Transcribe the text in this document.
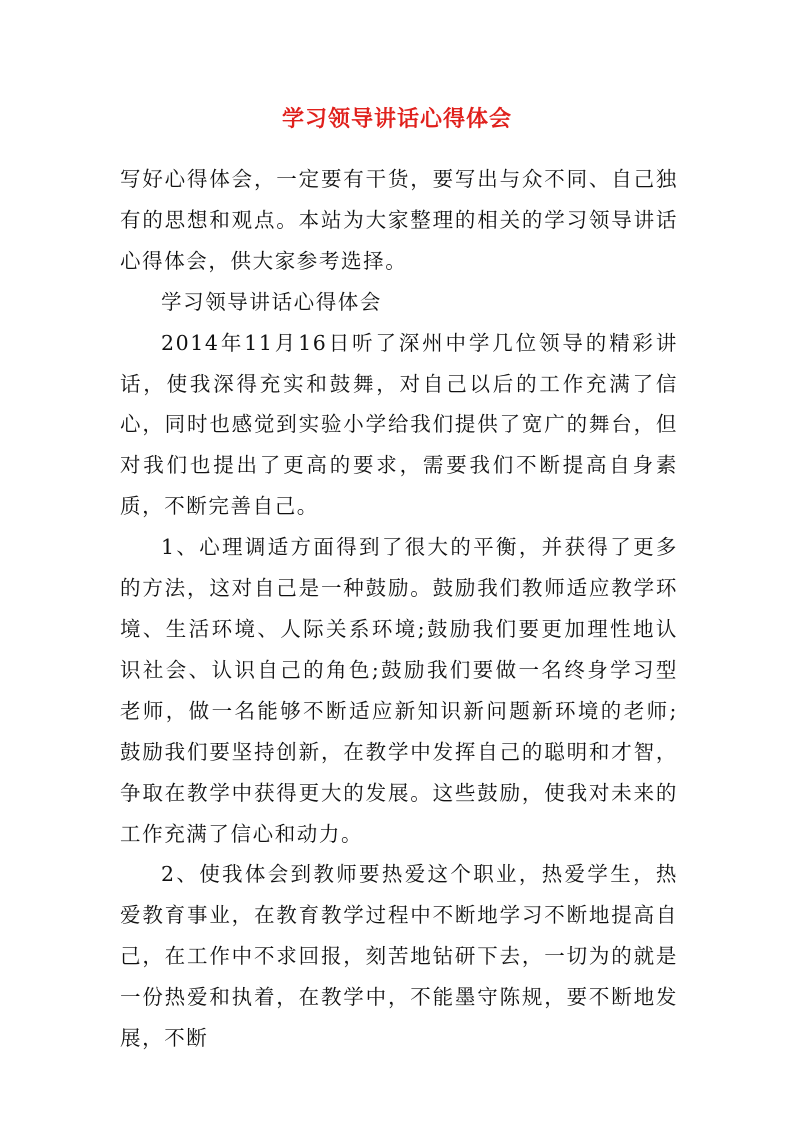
学习领导讲话心得体会

写好心得体会，一定要有干货，要写出与众不同、自己独有的思想和观点。本站为大家整理的相关的学习领导讲话心得体会，供大家参考选择。

学习领导讲话心得体会

2014年11月16日听了深州中学几位领导的精彩讲话，使我深得充实和鼓舞，对自己以后的工作充满了信心，同时也感觉到实验小学给我们提供了宽广的舞台，但对我们也提出了更高的要求，需要我们不断提高自身素质，不断完善自己。

1、心理调适方面得到了很大的平衡，并获得了更多的方法，这对自己是一种鼓励。鼓励我们教师适应教学环境、生活环境、人际关系环境;鼓励我们要更加理性地认识社会、认识自己的角色;鼓励我们要做一名终身学习型老师，做一名能够不断适应新知识新问题新环境的老师;鼓励我们要坚持创新，在教学中发挥自己的聪明和才智，争取在教学中获得更大的发展。这些鼓励，使我对未来的工作充满了信心和动力。

2、使我体会到教师要热爱这个职业，热爱学生，热爱教育事业，在教育教学过程中不断地学习不断地提高自己，在工作中不求回报，刻苦地钻研下去，一切为的就是一份热爱和执着，在教学中，不能墨守陈规，要不断地发展，不断
